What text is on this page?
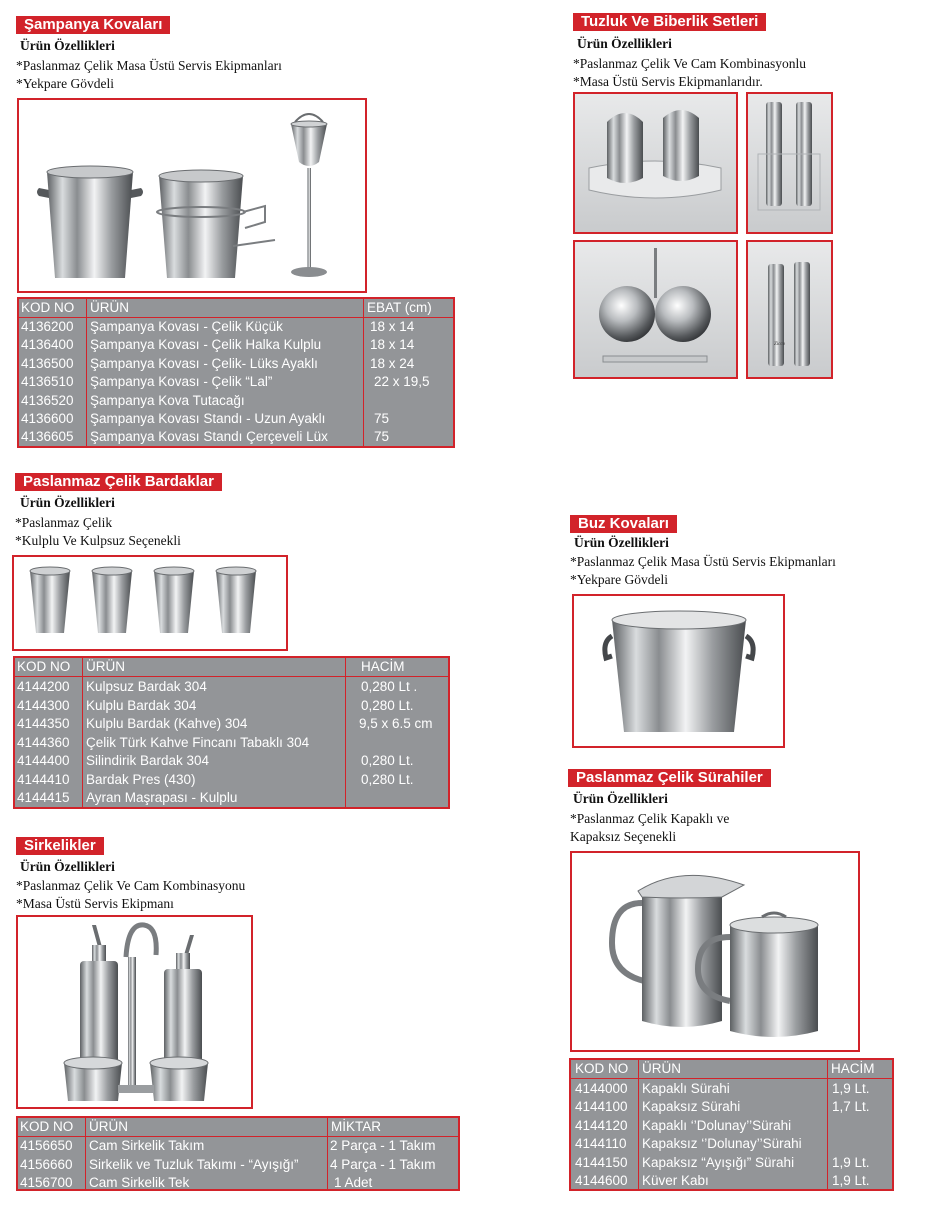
Şampanya Kovaları
Ürün Özellikleri
*Paslanmaz Çelik Masa Üstü Servis Ekipmanları
*Yekpare Gövdeli
KOD NO ÜRÜN	EBAT (cm)
4136200 Şampanya Kovası - Çelik Küçük	18 x 14
4136400 Şampanya Kovası - Çelik Halka Kulplu	18 x 14
4136500 Şampanya Kovası - Çelik- Lüks Ayaklı	18 x 24
4136510 Şampanya Kovası - Çelik “Lal”	22 x 19,5
4136520 Şampanya Kova Tutacağı
4136600 Şampanya Kovası Standı - Uzun Ayaklı	75
4136605 Şampanya Kovası Standı Çerçeveli Lüx	75
Paslanmaz Çelik Bardaklar
Ürün Özellikleri
*Paslanmaz Çelik
*Kulplu Ve Kulpsuz Seçenekli
KOD NO ÜRÜN	HACİM
4144200 Kulpsuz Bardak 304	0,280 Lt .
4144300 Kulplu Bardak 304	0,280 Lt.
4144350 Kulplu Bardak (Kahve) 304	9,5 x 6.5 cm
4144360 Çelik Türk Kahve Fincanı Tabaklı 304
4144400 Silindirik Bardak 304	0,280 Lt.
4144410 Bardak Pres (430)	0,280 Lt.
4144415 Ayran Maşrapası - Kulplu
Sirkelikler
Ürün Özellikleri
*Paslanmaz Çelik Ve Cam Kombinasyonu
*Masa Üstü Servis Ekipmanı
KOD NO ÜRÜN	MİKTAR
4156650 Cam Sirkelik Takım	2 Parça - 1 Takım
4156660 Sirkelik ve Tuzluk Takımı - “Ayışığı” 4 Parça - 1 Takım
4156700 Cam Sirkelik Tek	1 Adet
Tuzluk Ve Biberlik Setleri
Ürün Özellikleri
*Paslanmaz Çelik Ve Cam Kombinasyonlu
*Masa Üstü Servis Ekipmanlarıdır.
Zicco
Buz Kovaları
Ürün Özellikleri
*Paslanmaz Çelik Masa Üstü Servis Ekipmanları
*Yekpare Gövdeli
Paslanmaz Çelik Sürahiler
Ürün Özellikleri
*Paslanmaz Çelik Kapaklı ve
Kapaksız Seçenekli
KOD NO ÜRÜN	HACİM
4144000 Kapaklı Sürahi	1,9 Lt.
4144100 Kapaksız Sürahi	1,7 Lt.
4144120 Kapaklı ‘’Dolunay’’Sürahi
4144110 Kapaksız ‘’Dolunay’’Sürahi
4144150 Kapaksız “Ayışığı” Sürahi	1,9 Lt.
4144600 Küver Kabı	1,9 Lt.
